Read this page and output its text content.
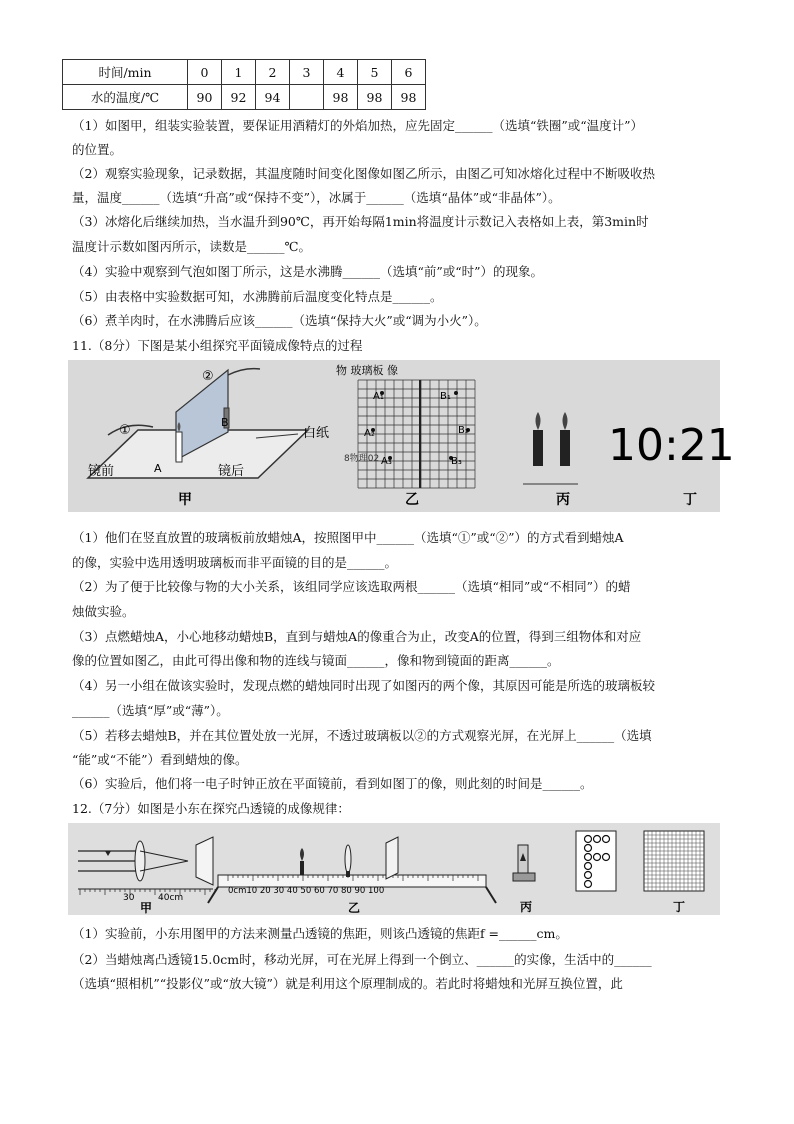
时间/min	0	1	2	3	4	5	6
水的温度/℃	90	92	94		98	98	98
（1）如图甲，组装实验装置，要保证用酒精灯的外焰加热，应先固定______（选填“铁圈”或“温度计”）
的位置。
（2）观察实验现象，记录数据，其温度随时间变化图像如图乙所示，由图乙可知冰熔化过程中不断吸收热
量，温度______（选填“升高”或“保持不变”），冰属于______（选填“晶体”或“非晶体”）。
（3）冰熔化后继续加热，当水温升到90℃，再开始每隔1min将温度计示数记入表格如上表，第3min时
温度计示数如图丙所示，读数是______℃。
（4）实验中观察到气泡如图丁所示，这是水沸腾______（选填“前”或“时”）的现象。
（5）由表格中实验数据可知，水沸腾前后温度变化特点是______。
（6）煮羊肉时，在水沸腾后应该______（选填“保持大火”或“调为小火”）。
11.（8分）下图是某小组探究平面镜成像特点的过程
①
②
白纸
A
B
镜前	镜后
甲
物 玻璃板 像
A₁	B₁
A₂	B₂
A₃	B₃
8物理02
乙	丙
10:21
丁
（1）他们在竖直放置的玻璃板前放蜡烛A，按照图甲中______（选填“①”或“②”）的方式看到蜡烛A
的像，实验中选用透明玻璃板而非平面镜的目的是______。
（2）为了便于比较像与物的大小关系，该组同学应该选取两根______（选填“相同”或“不相同”）的蜡
烛做实验。
（3）点燃蜡烛A，小心地移动蜡烛B，直到与蜡烛A的像重合为止，改变A的位置，得到三组物体和对应
像的位置如图乙，由此可得出像和物的连线与镜面______，像和物到镜面的距离______。
（4）另一小组在做该实验时，发现点燃的蜡烛同时出现了如图丙的两个像，其原因可能是所选的玻璃板较
______（选填“厚”或“薄”）。
（5）若移去蜡烛B，并在其位置处放一光屏，不透过玻璃板以②的方式观察光屏，在光屏上______（选填
“能”或“不能”）看到蜡烛的像。
（6）实验后，他们将一电子时钟正放在平面镜前，看到如图丁的像，则此刻的时间是______。
12.（7分）如图是小东在探究凸透镜的成像规律：
30	40cm
甲
0cm10 20 30 40 50 60 70 80 90 100
乙	丙	丁
（1）实验前，小东用图甲的方法来测量凸透镜的焦距，则该凸透镜的焦距f =______cm。
（2）当蜡烛离凸透镜15.0cm时，移动光屏，可在光屏上得到一个倒立、______的实像，生活中的______
（选填“照相机”“投影仪”或“放大镜”）就是利用这个原理制成的。若此时将蜡烛和光屏互换位置，此
